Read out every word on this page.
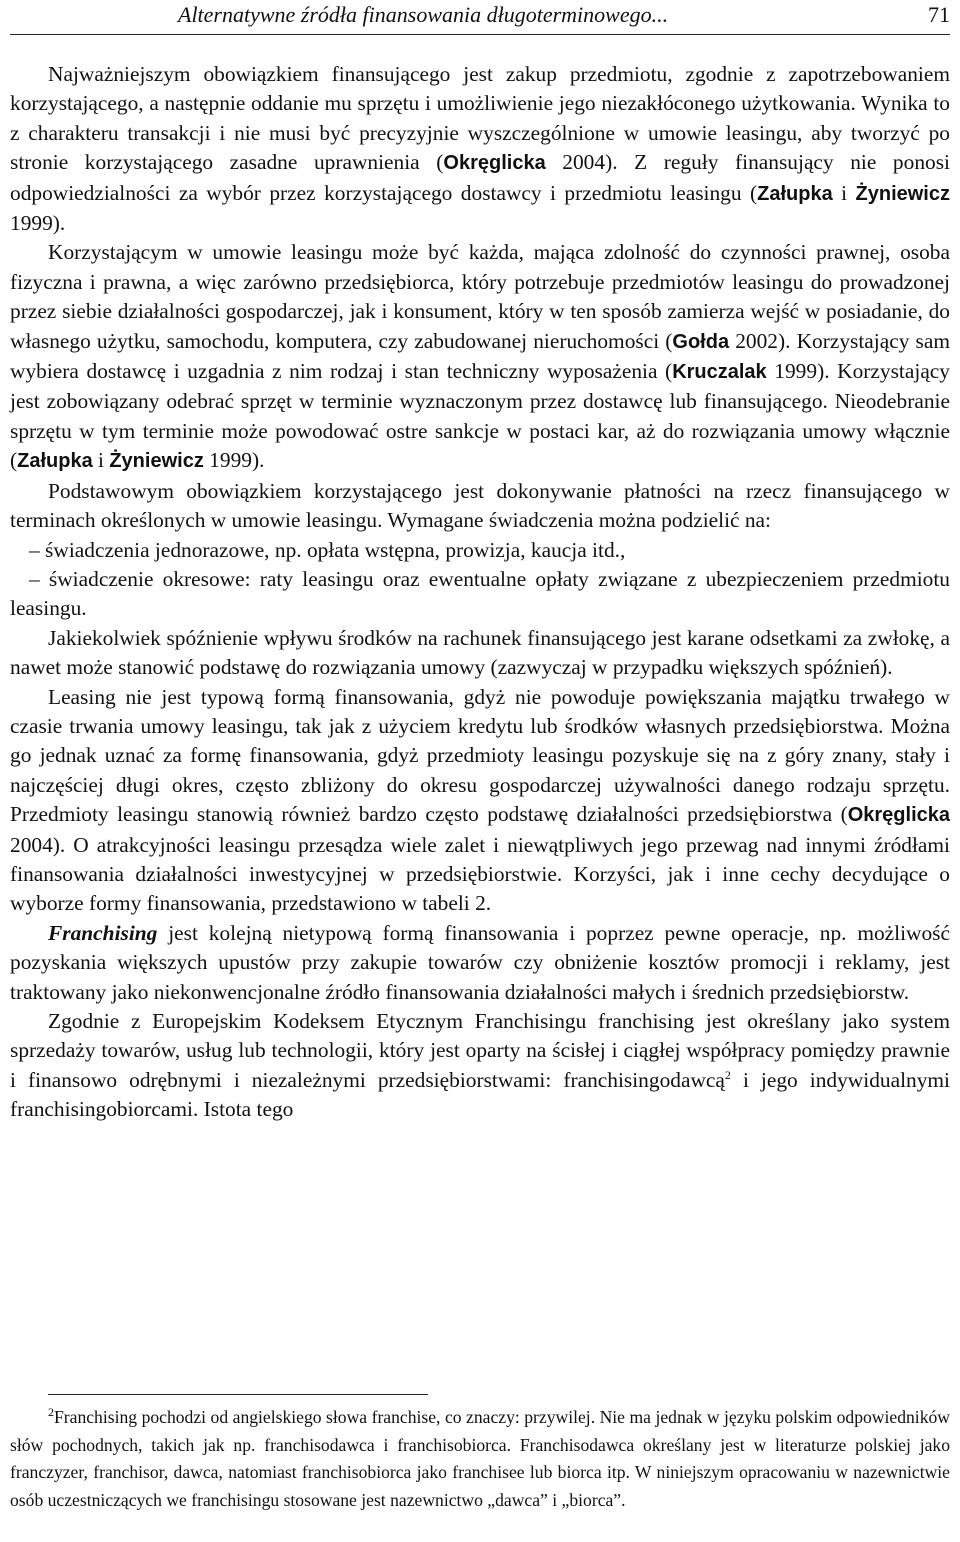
Alternatywne źródła finansowania długoterminowego...	71

Najważniejszym obowiązkiem finansującego jest zakup przedmiotu, zgodnie z zapotrzebowaniem korzystającego, a następnie oddanie mu sprzętu i umożliwienie jego niezakłóconego użytkowania. Wynika to z charakteru transakcji i nie musi być precyzyjnie wyszczególnione w umowie leasingu, aby tworzyć po stronie korzystającego zasadne uprawnienia (Okręglicka 2004). Z reguły finansujący nie ponosi odpowiedzialności za wybór przez korzystającego dostawcy i przedmiotu leasingu (Załupka i Żyniewicz 1999).

Korzystającym w umowie leasingu może być każda, mająca zdolność do czynności prawnej, osoba fizyczna i prawna, a więc zarówno przedsiębiorca, który potrzebuje przedmiotów leasingu do prowadzonej przez siebie działalności gospodarczej, jak i konsument, który w ten sposób zamierza wejść w posiadanie, do własnego użytku, samochodu, komputera, czy zabudowanej nieruchomości (Gołda 2002). Korzystający sam wybiera dostawcę i uzgadnia z nim rodzaj i stan techniczny wyposażenia (Kruczalak 1999). Korzystający jest zobowiązany odebrać sprzęt w terminie wyznaczonym przez dostawcę lub finansującego. Nieodebranie sprzętu w tym terminie może powodować ostre sankcje w postaci kar, aż do rozwiązania umowy włącznie (Załupka i Żyniewicz 1999).

Podstawowym obowiązkiem korzystającego jest dokonywanie płatności na rzecz finansującego w terminach określonych w umowie leasingu. Wymagane świadczenia można podzielić na:

– świadczenia jednorazowe, np. opłata wstępna, prowizja, kaucja itd.,

– świadczenie okresowe: raty leasingu oraz ewentualne opłaty związane z ubezpieczeniem przedmiotu leasingu.

Jakiekolwiek spóźnienie wpływu środków na rachunek finansującego jest karane odsetkami za zwłokę, a nawet może stanowić podstawę do rozwiązania umowy (zazwyczaj w przypadku większych spóźnień).

Leasing nie jest typową formą finansowania, gdyż nie powoduje powiększania majątku trwałego w czasie trwania umowy leasingu, tak jak z użyciem kredytu lub środków własnych przedsiębiorstwa. Można go jednak uznać za formę finansowania, gdyż przedmioty leasingu pozyskuje się na z góry znany, stały i najczęściej długi okres, często zbliżony do okresu gospodarczej używalności danego rodzaju sprzętu. Przedmioty leasingu stanowią również bardzo często podstawę działalności przedsiębiorstwa (Okręglicka 2004). O atrakcyjności leasingu przesądza wiele zalet i niewątpliwych jego przewag nad innymi źródłami finansowania działalności inwestycyjnej w przedsiębiorstwie. Korzyści, jak i inne cechy decydujące o wyborze formy finansowania, przedstawiono w tabeli 2.

Franchising jest kolejną nietypową formą finansowania i poprzez pewne operacje, np. możliwość pozyskania większych upustów przy zakupie towarów czy obniżenie kosztów promocji i reklamy, jest traktowany jako niekonwencjonalne źródło finansowania działalności małych i średnich przedsiębiorstw.

Zgodnie z Europejskim Kodeksem Etycznym Franchisingu franchising jest określany jako system sprzedaży towarów, usług lub technologii, który jest oparty na ścisłej i ciągłej współpracy pomiędzy prawnie i finansowo odrębnymi i niezależnymi przedsiębiorstwami: franchisingodawcą$^2$ i jego indywidualnymi franchisingobiorcami. Istota tego

$^2$Franchising pochodzi od angielskiego słowa franchise, co znaczy: przywilej. Nie ma jednak w języku polskim odpowiedników słów pochodnych, takich jak np. franchisodawca i franchisobiorca. Franchisodawca określany jest w literaturze polskiej jako franczyzer, franchisor, dawca, natomiast franchisobiorca jako franchisee lub biorca itp. W niniejszym opracowaniu w nazewnictwie osób uczestniczących we franchisingu stosowane jest nazewnictwo „dawca” i „biorca”.
